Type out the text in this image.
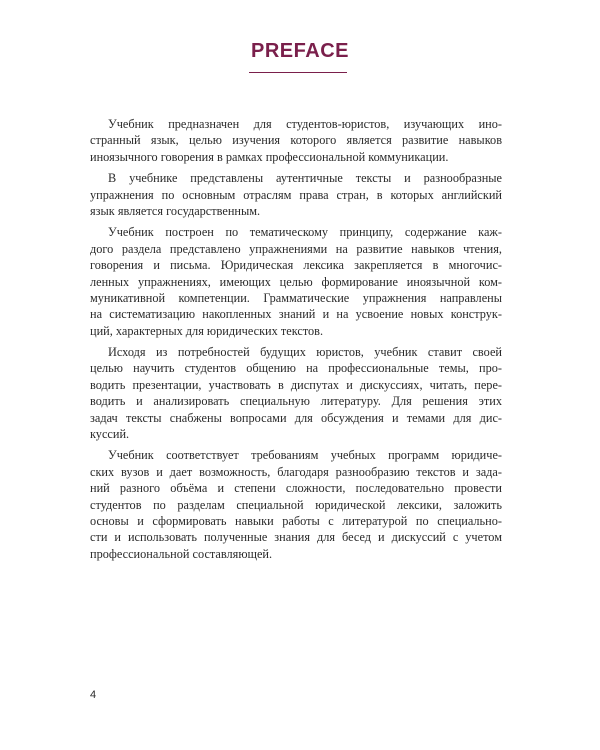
PREFACE
Учебник предназначен для студентов-юристов, изучающих ино-
странный язык, целью изучения которого является развитие навыков
иноязычного говорения в рамках профессиональной коммуникации.
В учебнике представлены аутентичные тексты и разнообразные
упражнения по основным отраслям права стран, в которых английский
язык является государственным.
Учебник построен по тематическому принципу, содержание каж-
дого раздела представлено упражнениями на развитие навыков чтения,
говорения и письма. Юридическая лексика закрепляется в многочис-
ленных упражнениях, имеющих целью формирование иноязычной ком-
муникативной компетенции. Грамматические упражнения направлены
на систематизацию накопленных знаний и на усвоение новых конструк-
ций, характерных для юридических текстов.
Исходя из потребностей будущих юристов, учебник ставит своей
целью научить студентов общению на профессиональные темы, про-
водить презентации, участвовать в диспутах и дискуссиях, читать, пере-
водить и анализировать специальную литературу. Для решения этих
задач тексты снабжены вопросами для обсуждения и темами для дис-
куссий.
Учебник соответствует требованиям учебных программ юридиче-
ских вузов и дает возможность, благодаря разнообразию текстов и зада-
ний разного объёма и степени сложности, последовательно провести
студентов по разделам специальной юридической лексики, заложить
основы и сформировать навыки работы с литературой по специально-
сти и использовать полученные знания для бесед и дискуссий с учетом
профессиональной составляющей.
4
